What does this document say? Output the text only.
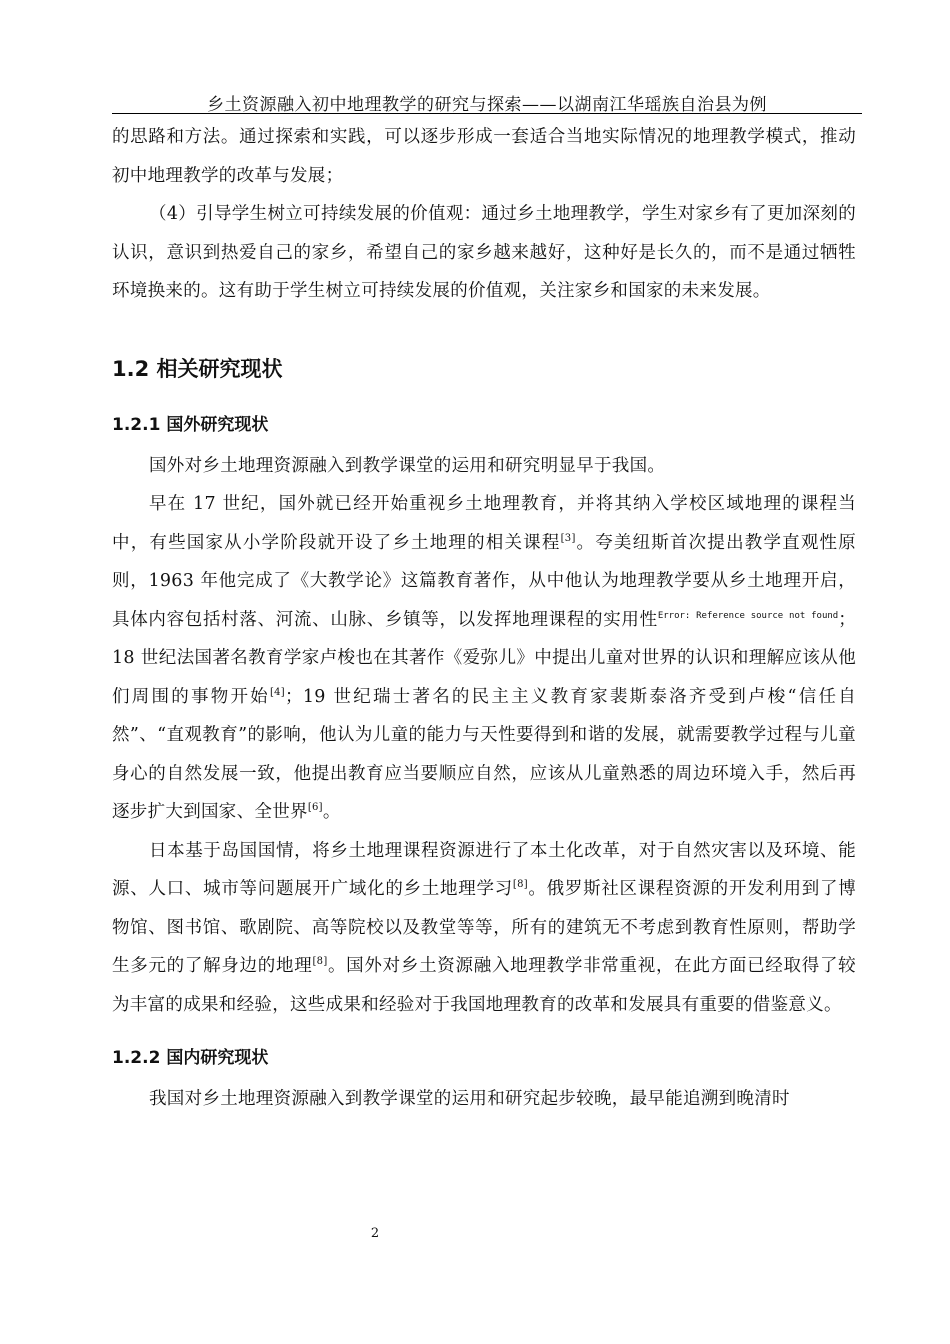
乡土资源融入初中地理教学的研究与探索——以湖南江华瑶族自治县为例

的思路和方法。通过探索和实践，可以逐步形成一套适合当地实际情况的地理教学模式，推动初中地理教学的改革与发展；

（4）引导学生树立可持续发展的价值观：通过乡土地理教学，学生对家乡有了更加深刻的认识，意识到热爱自己的家乡，希望自己的家乡越来越好，这种好是长久的，而不是通过牺牲环境换来的。这有助于学生树立可持续发展的价值观，关注家乡和国家的未来发展。

1.2 相关研究现状
1.2.1 国外研究现状

国外对乡土地理资源融入到教学课堂的运用和研究明显早于我国。

早在 17 世纪，国外就已经开始重视乡土地理教育，并将其纳入学校区域地理的课程当中，有些国家从小学阶段就开设了乡土地理的相关课程[3]。夸美纽斯首次提出教学直观性原则，1963 年他完成了《大教学论》这篇教育著作，从中他认为地理教学要从乡土地理开启，具体内容包括村落、河流、山脉、乡镇等，以发挥地理课程的实用性$^{Error: Reference source not found}$；18 世纪法国著名教育学家卢梭也在其著作《爱弥儿》中提出儿童对世界的认识和理解应该从他们周围的事物开始[4]；19 世纪瑞士著名的民主主义教育家裴斯泰洛齐受到卢梭“信任自然”、“直观教育”的影响，他认为儿童的能力与天性要得到和谐的发展，就需要教学过程与儿童身心的自然发展一致，他提出教育应当要顺应自然，应该从儿童熟悉的周边环境入手，然后再逐步扩大到国家、全世界[6]。

日本基于岛国国情，将乡土地理课程资源进行了本土化改革，对于自然灾害以及环境、能源、人口、城市等问题展开广域化的乡土地理学习[8]。俄罗斯社区课程资源的开发利用到了博物馆、图书馆、歌剧院、高等院校以及教堂等等，所有的建筑无不考虑到教育性原则，帮助学生多元的了解身边的地理[8]。国外对乡土资源融入地理教学非常重视，在此方面已经取得了较为丰富的成果和经验，这些成果和经验对于我国地理教育的改革和发展具有重要的借鉴意义。

1.2.2 国内研究现状

我国对乡土地理资源融入到教学课堂的运用和研究起步较晚，最早能追溯到晚清时

2
